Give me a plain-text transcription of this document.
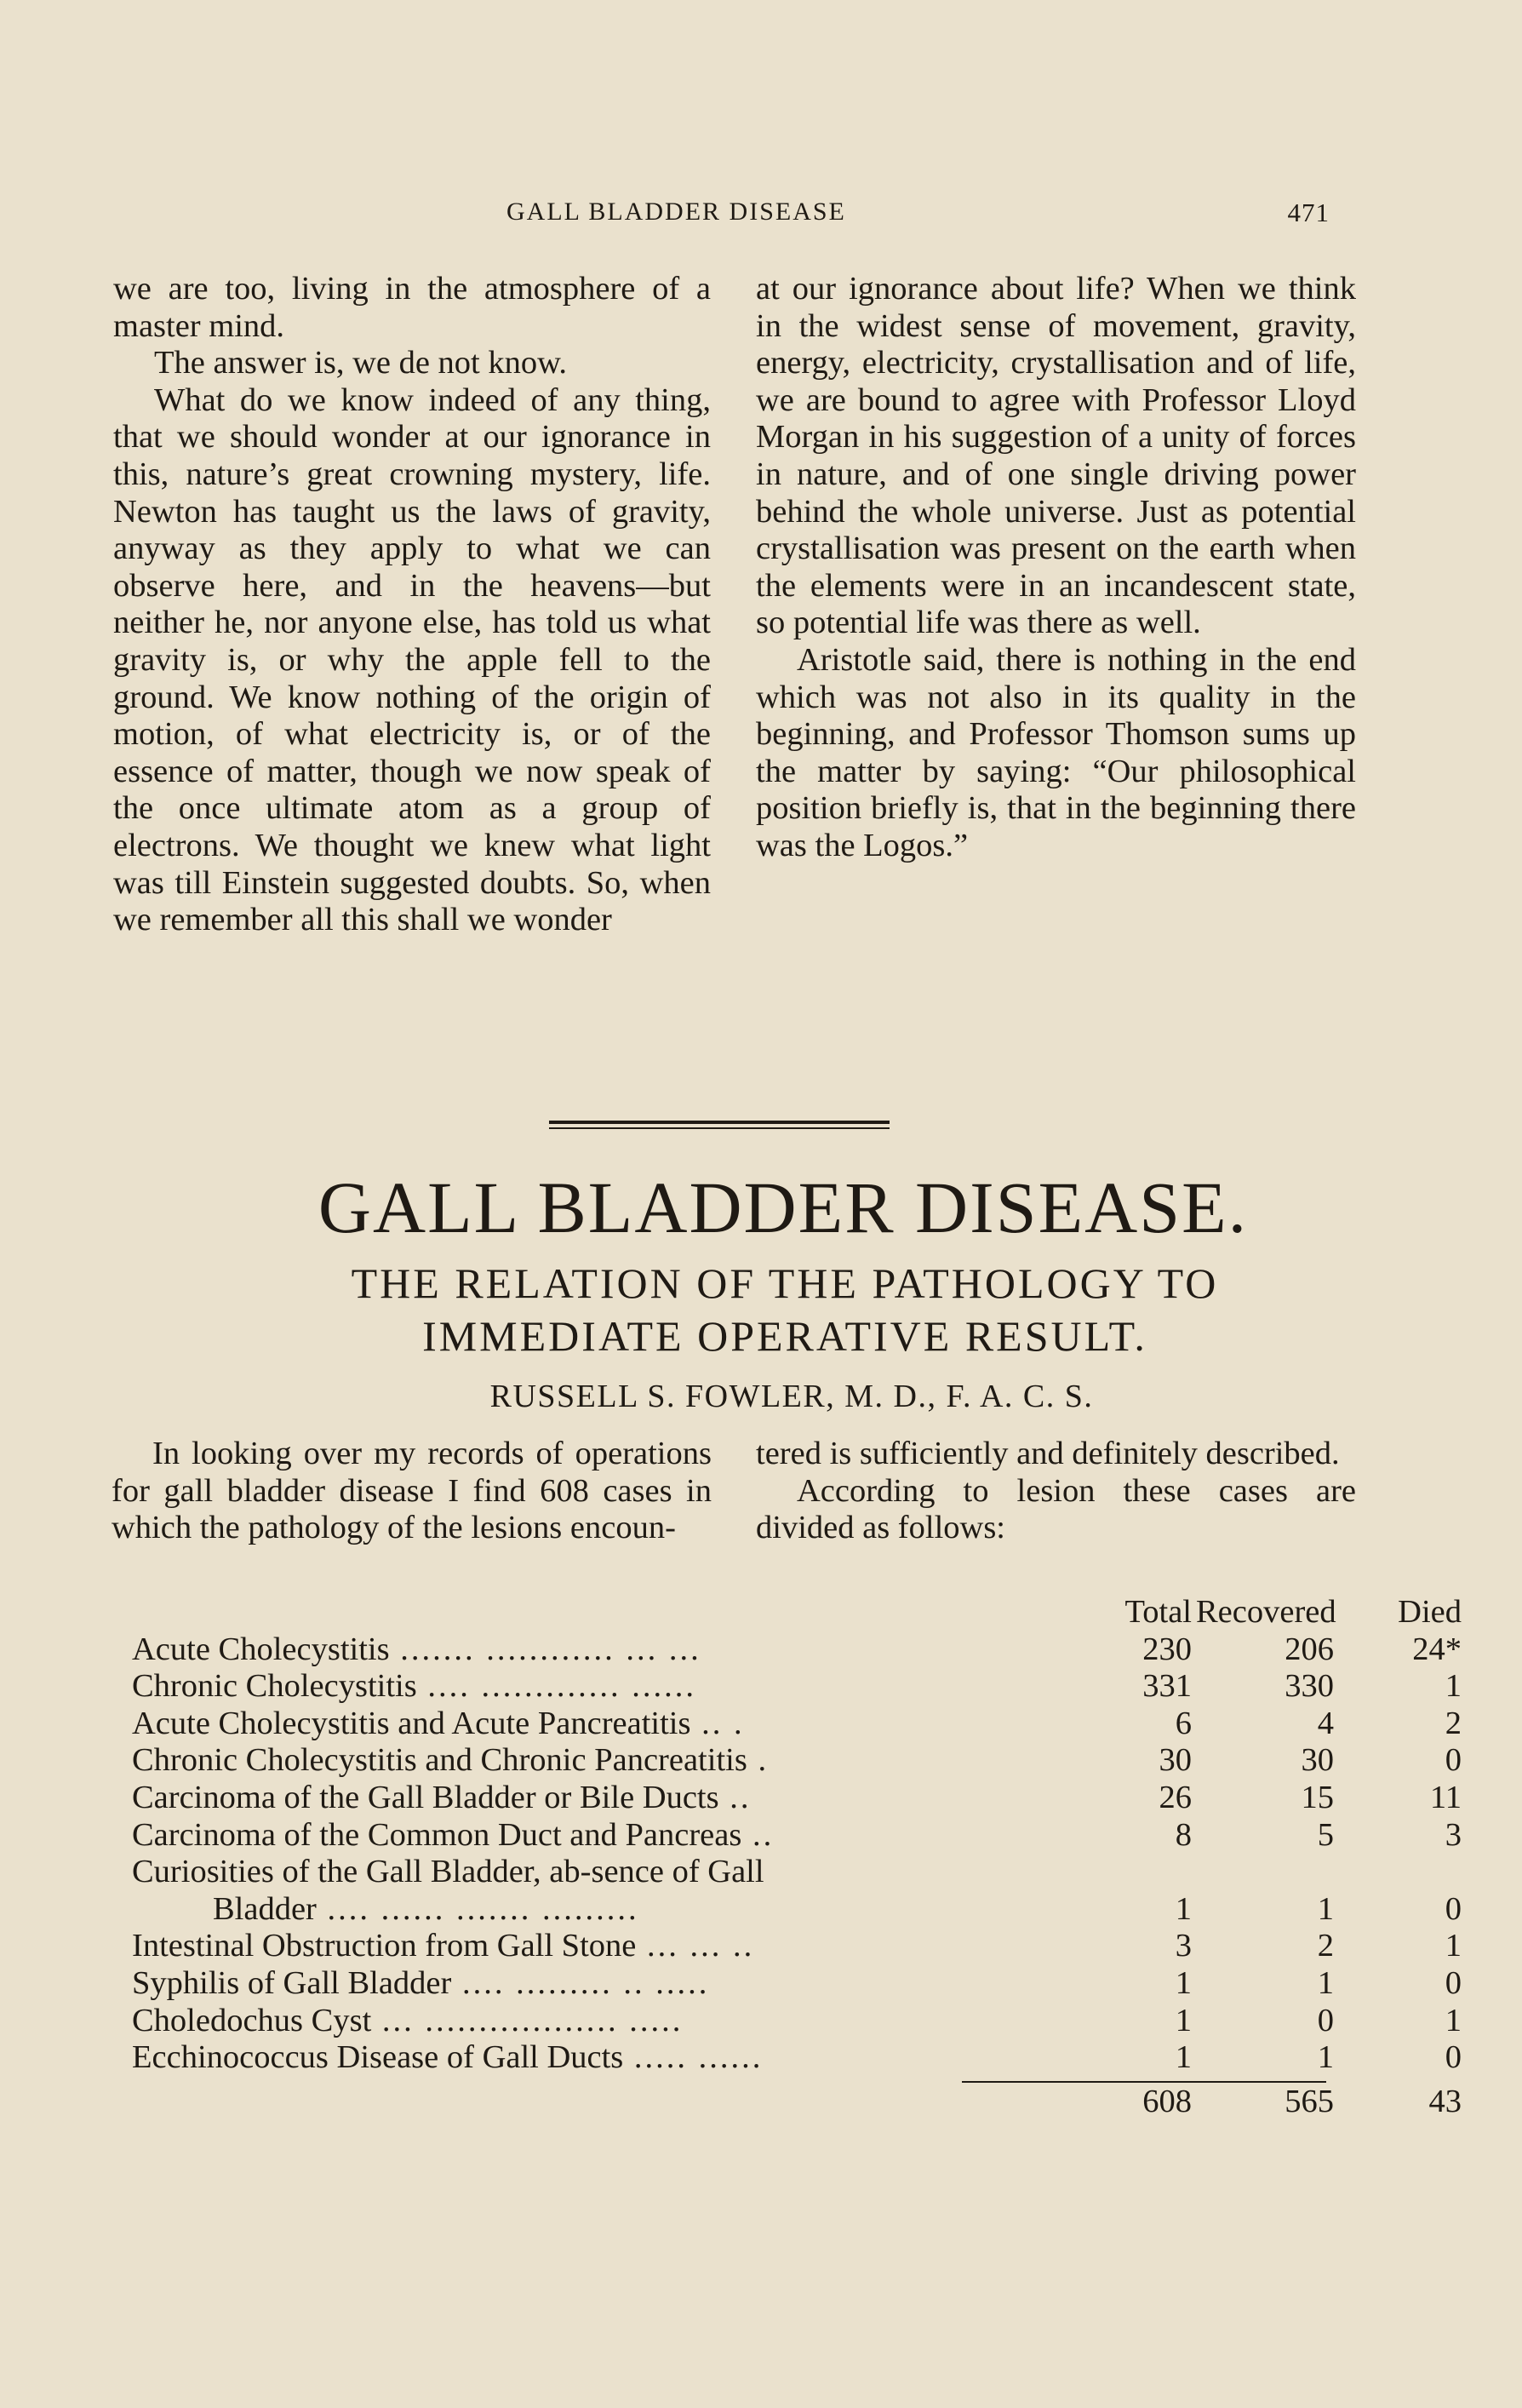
GALL BLADDER DISEASE	471

we are too, living in the atmosphere of a master mind.

The answer is, we de not know.

What do we know indeed of any thing, that we should wonder at our ignorance in this, nature’s great crowning mystery, life. Newton has taught us the laws of gravity, anyway as they apply to what we can observe here, and in the heavens—but neither he, nor anyone else, has told us what gravity is, or why the apple fell to the ground. We know nothing of the origin of motion, of what electricity is, or of the essence of matter, though we now speak of the once ultimate atom as a group of electrons. We thought we knew what light was till Einstein suggested doubts. So, when we remember all this shall we wonder

at our ignorance about life? When we think in the widest sense of movement, gravity, energy, electricity, crystallisation and of life, we are bound to agree with Professor Lloyd Morgan in his suggestion of a unity of forces in nature, and of one single driving power behind the whole universe. Just as potential crystallisation was present on the earth when the elements were in an incandescent state, so potential life was there as well.

Aristotle said, there is nothing in the end which was not also in its quality in the beginning, and Professor Thomson sums up the matter by saying: “Our philosophical position briefly is, that in the beginning there was the Logos.”

GALL BLADDER DISEASE.
THE RELATION OF THE PATHOLOGY TO
IMMEDIATE OPERATIVE RESULT.
RUSSELL S. FOWLER, M. D., F. A. C. S.

In looking over my records of operations for gall bladder disease I find 608 cases in which the pathology of the lesions encoun-

tered is sufficiently and definitely described.

According to lesion these cases are divided as follows:

Total Recovered	Died
Acute Cholecystitis ....... ............ ... ...	230	206	24*
Chronic Cholecystitis .... ............. ......	331	330	1
Acute Cholecystitis and Acute Pancreatitis .. .	6	4	2
Chronic Cholecystitis and Chronic Pancreatitis .	30	30	0
Carcinoma of the Gall Bladder or Bile Ducts ..	26	15	11
Carcinoma of the Common Duct and Pancreas ..	8	5	3
Curiosities of the Gall Bladder, ab-sence of Gall
Bladder .... ...... ....... .........	1	1	0
Intestinal Obstruction from Gall Stone ... ... ..	3	2	1
Syphilis of Gall Bladder .... ......... .. .....	1	1	0
Choledochus Cyst ... .................. .....	1	0	1
Ecchinococcus Disease of Gall Ducts ..... ......	1	1	0
608	565	43
